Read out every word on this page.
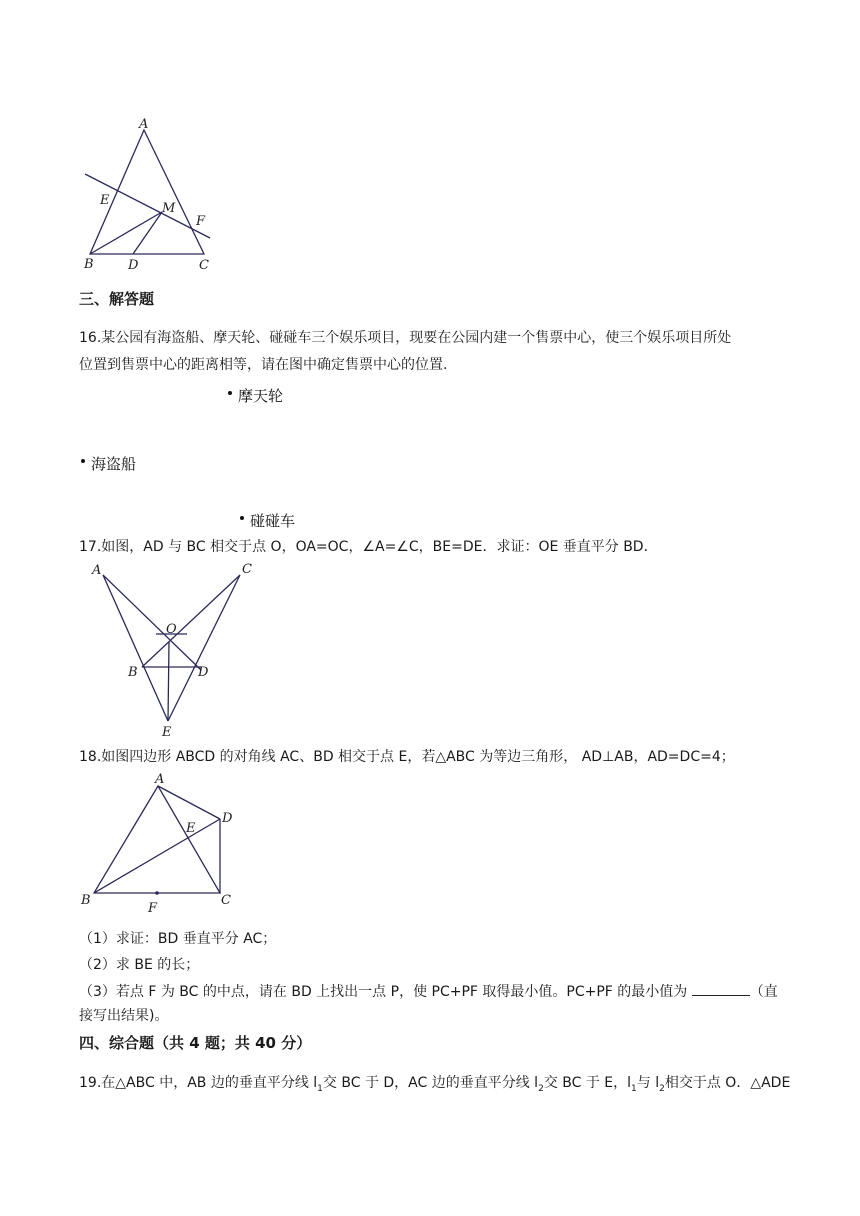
A
E
M
F
B	D	C
三、解答题
16.某公园有海盗船、摩天轮、碰碰车三个娱乐项目，现要在公园内建一个售票中心，使三个娱乐项目所处
位置到售票中心的距离相等，请在图中确定售票中心的位置.
摩天轮
海盗船
碰碰车
17.如图，AD 与 BC 相交于点 O，OA=OC，∠A=∠C，BE=DE．求证：OE 垂直平分 BD．
A	C
O
B	D
E
18.如图四边形 ABCD 的对角线 AC、BD 相交于点 E，若△ABC 为等边三角形， AD⊥AB，AD=DC=4；
A
D
E
B
F
C
（1）求证：BD 垂直平分 AC；
（2）求 BE 的长；
（3）若点 F 为 BC 的中点，请在 BD 上找出一点 P，使 PC+PF 取得最小值。PC+PF 的最小值为	（直
接写出结果)。
四、综合题（共 4 题；共 40 分）
19.在△ABC 中，AB 边的垂直平分线 $l_1$交 BC 于 D，AC 边的垂直平分线 $l_2$交 BC 于 E，$l_1$与 $l_2$相交于点 O．△ADE
